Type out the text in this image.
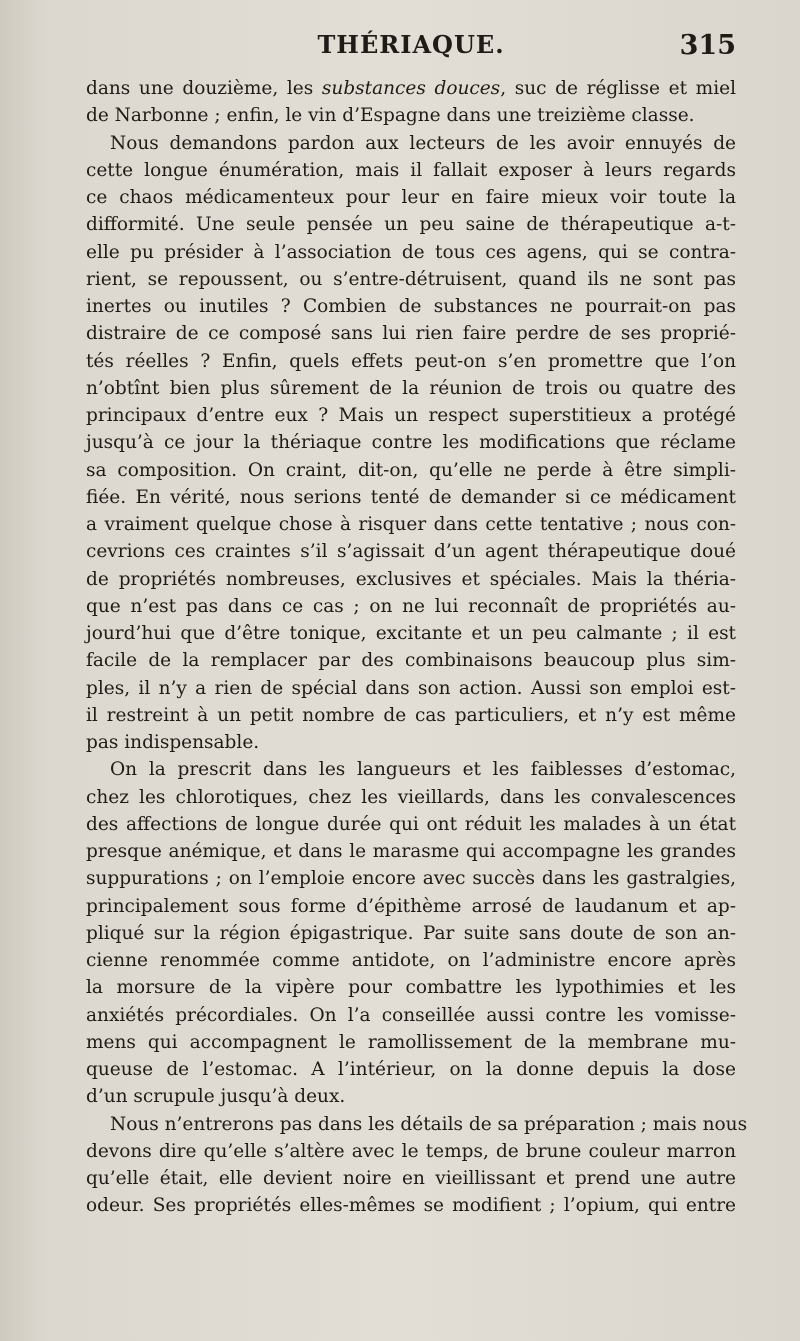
THÉRIAQUE.	315
dans une douzième, les substances douces, suc de réglisse et miel
de Narbonne ; enfin, le vin d’Espagne dans une treizième classe.
Nous demandons pardon aux lecteurs de les avoir ennuyés de
cette longue énumération, mais il fallait exposer à leurs regards
ce chaos médicamenteux pour leur en faire mieux voir toute la
difformité. Une seule pensée un peu saine de thérapeutique a-t-
elle pu présider à l’association de tous ces agens, qui se contra-
rient, se repoussent, ou s’entre-détruisent, quand ils ne sont pas
inertes ou inutiles ? Combien de substances ne pourrait-on pas
distraire de ce composé sans lui rien faire perdre de ses proprié-
tés réelles ? Enfin, quels effets peut-on s’en promettre que l’on
n’obtînt bien plus sûrement de la réunion de trois ou quatre des
principaux d’entre eux ? Mais un respect superstitieux a protégé
jusqu’à ce jour la thériaque contre les modifications que réclame
sa composition. On craint, dit-on, qu’elle ne perde à être simpli-
fiée. En vérité, nous serions tenté de demander si ce médicament
a vraiment quelque chose à risquer dans cette tentative ; nous con-
cevrions ces craintes s’il s’agissait d’un agent thérapeutique doué
de propriétés nombreuses, exclusives et spéciales. Mais la théria-
que n’est pas dans ce cas ; on ne lui reconnaît de propriétés au-
jourd’hui que d’être tonique, excitante et un peu calmante ; il est
facile de la remplacer par des combinaisons beaucoup plus sim-
ples, il n’y a rien de spécial dans son action. Aussi son emploi est-
il restreint à un petit nombre de cas particuliers, et n’y est même
pas indispensable.
On la prescrit dans les langueurs et les faiblesses d’estomac,
chez les chlorotiques, chez les vieillards, dans les convalescences
des affections de longue durée qui ont réduit les malades à un état
presque anémique, et dans le marasme qui accompagne les grandes
suppurations ; on l’emploie encore avec succès dans les gastralgies,
principalement sous forme d’épithème arrosé de laudanum et ap-
pliqué sur la région épigastrique. Par suite sans doute de son an-
cienne renommée comme antidote, on l’administre encore après
la morsure de la vipère pour combattre les lypothimies et les
anxiétés précordiales. On l’a conseillée aussi contre les vomisse-
mens qui accompagnent le ramollissement de la membrane mu-
queuse de l’estomac. A l’intérieur, on la donne depuis la dose
d’un scrupule jusqu’à deux.
Nous n’entrerons pas dans les détails de sa préparation ; mais nous
devons dire qu’elle s’altère avec le temps, de brune couleur marron
qu’elle était, elle devient noire en vieillissant et prend une autre
odeur. Ses propriétés elles-mêmes se modifient ; l’opium, qui entre
